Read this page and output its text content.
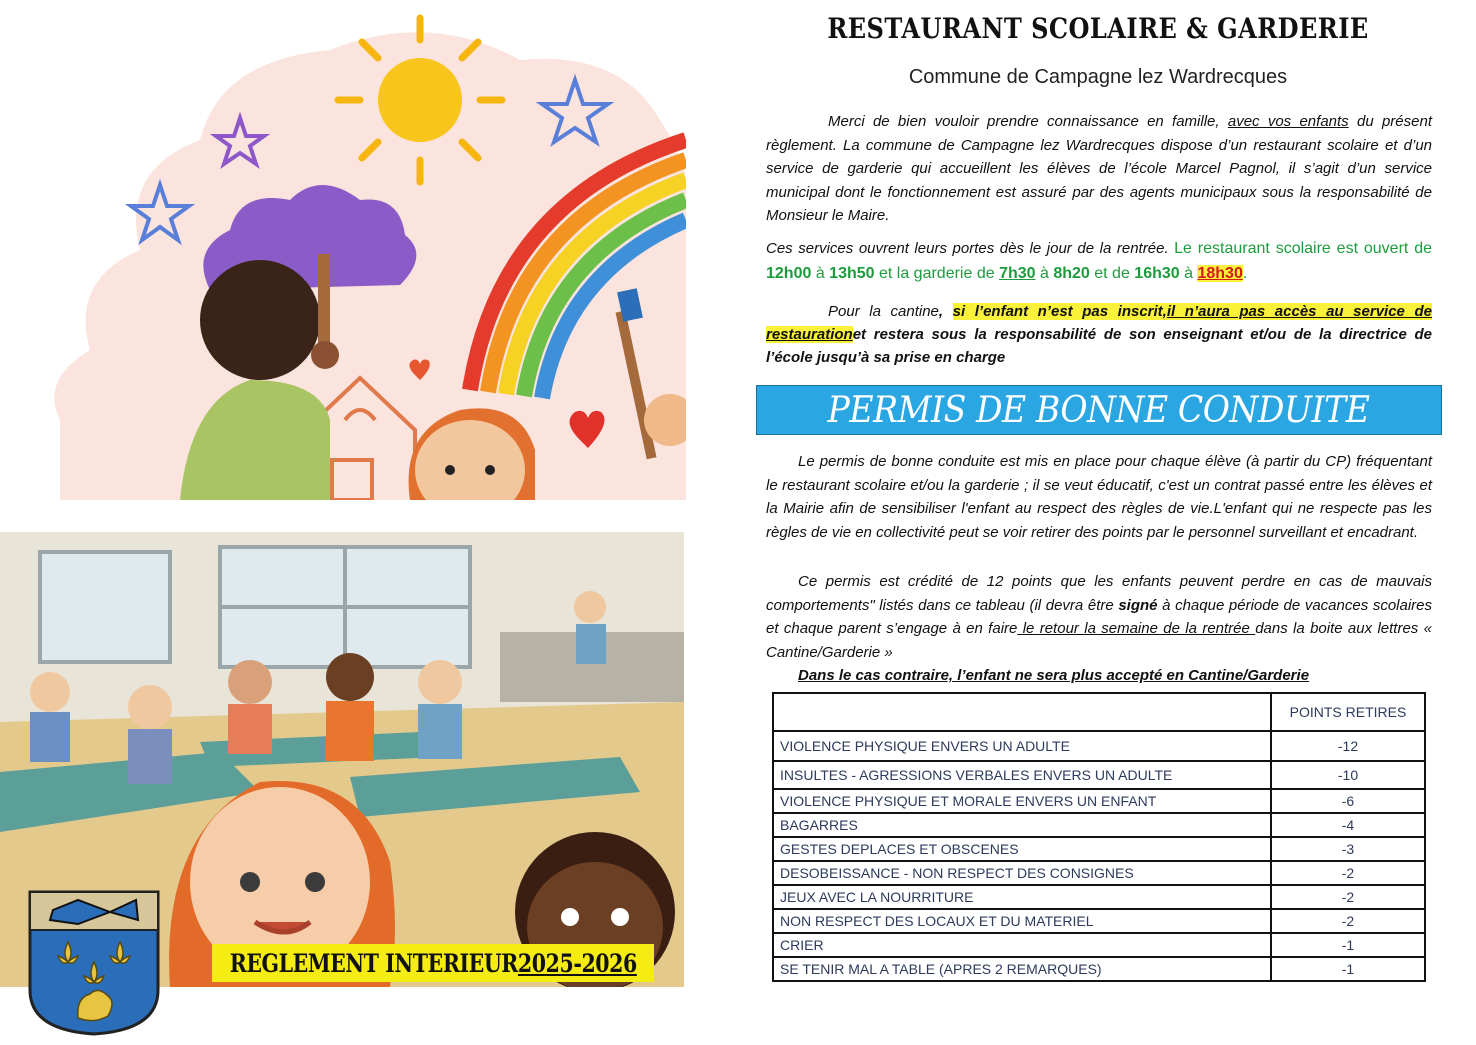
REGLEMENT INTERIEUR2025-2026
RESTAURANT SCOLAIRE & GARDERIE
Commune de Campagne lez Wardrecques

Merci de bien vouloir prendre connaissance en famille, avec vos enfants du présent règlement. La commune de Campagne lez Wardrecques dispose d’un restaurant scolaire et d’un service de garderie qui accueillent les élèves de l’école Marcel Pagnol, il s’agit d’un service municipal dont le fonctionnement est assuré par des agents municipaux sous la responsabilité de Monsieur le Maire.

Ces services ouvrent leurs portes dès le jour de la rentrée. Le restaurant scolaire est ouvert de 12h00 à 13h50 et la garderie de 7h30 à 8h20 et de 16h30 à 18h30.

Pour la cantine, si l’enfant n’est pas inscrit,il n’aura pas accès au service de restaurationet restera sous la responsabilité de son enseignant et/ou de la directrice de l’école jusqu’à sa prise en charge

PERMIS DE BONNE CONDUITE

Le permis de bonne conduite est mis en place pour chaque élève (à partir du CP) fréquentant le restaurant scolaire et/ou la garderie ; il se veut éducatif, c'est un contrat passé entre les élèves et la Mairie afin de sensibiliser l'enfant au respect des règles de vie.L'enfant qui ne respecte pas les règles de vie en collectivité peut se voir retirer des points par le personnel surveillant et encadrant.

Ce permis est crédité de 12 points que les enfants peuvent perdre en cas de mauvais comportements" listés dans ce tableau (il devra être signé à chaque période de vacances scolaires et chaque parent s’engage à en faire le retour la semaine de la rentrée dans la boite aux lettres « Cantine/Garderie »

Dans le cas contraire, l’enfant ne sera plus accepté en Cantine/Garderie
	POINTS RETIRES
VIOLENCE PHYSIQUE ENVERS UN ADULTE	-12
INSULTES - AGRESSIONS VERBALES ENVERS UN ADULTE	-10
VIOLENCE PHYSIQUE ET MORALE ENVERS UN ENFANT	-6
BAGARRES	-4
GESTES DEPLACES ET OBSCENES	-3
DESOBEISSANCE - NON RESPECT DES CONSIGNES	-2
JEUX AVEC LA NOURRITURE	-2
NON RESPECT DES LOCAUX ET DU MATERIEL	-2
CRIER	-1
SE TENIR MAL A TABLE (APRES 2 REMARQUES)	-1
